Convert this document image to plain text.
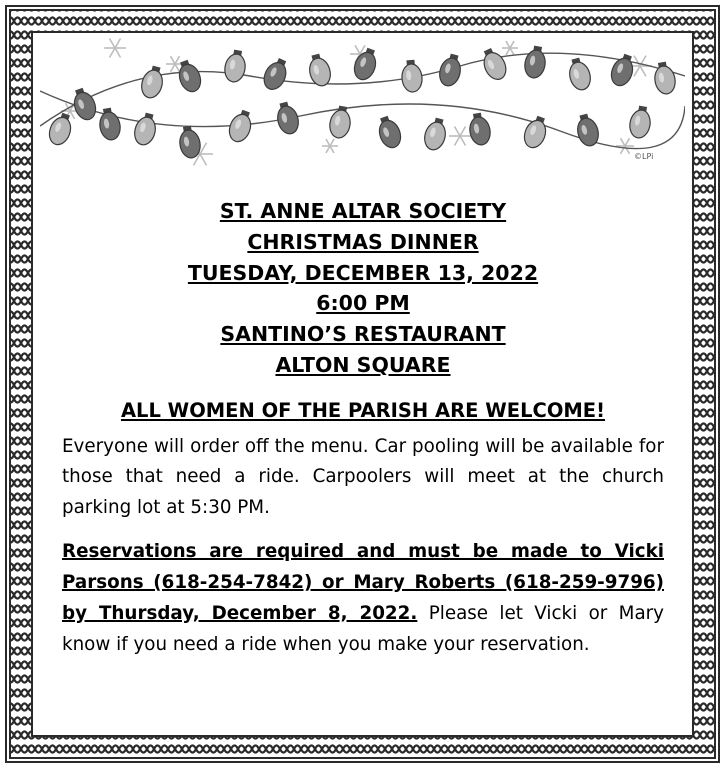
©LPi
ST. ANNE ALTAR SOCIETY
CHRISTMAS DINNER
TUESDAY, DECEMBER 13, 2022
6:00 PM
SANTINO’S RESTAURANT
ALTON SQUARE
ALL WOMEN OF THE PARISH ARE WELCOME!
Everyone will order off the menu. Car pooling will be available for those that need a ride. Carpoolers will meet at the church parking lot at 5:30 PM.
Reservations are required and must be made to Vicki Parsons (618-254-7842) or Mary Roberts (618-259-9796) by Thursday, December 8, 2022. Please let Vicki or Mary know if you need a ride when you make your reservation.
